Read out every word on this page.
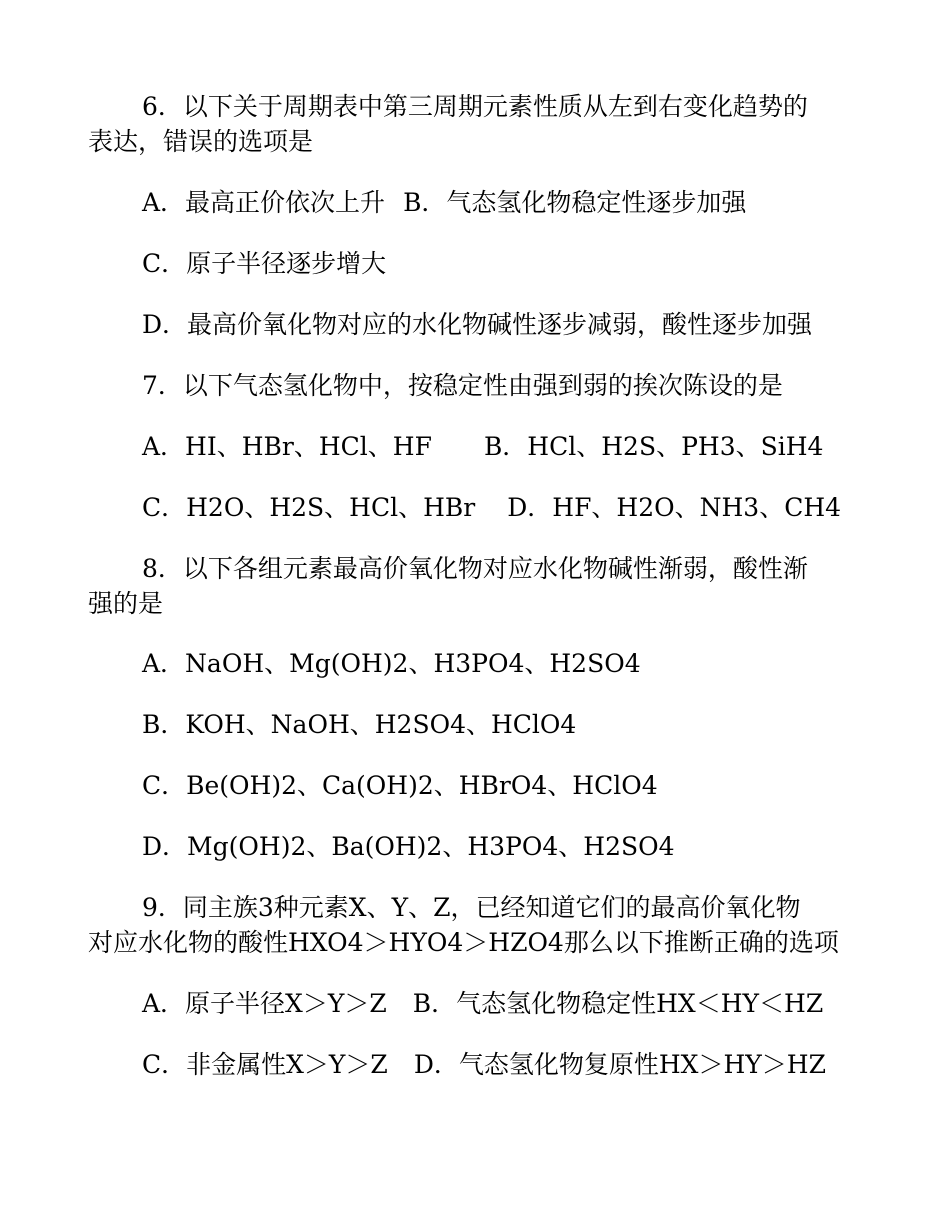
6．以下关于周期表中第三周期元素性质从左到右变化趋势的
表达，错误的选项是
A．最高正价依次上升 B．气态氢化物稳定性逐步加强
C．原子半径逐步增大
D．最高价氧化物对应的水化物碱性逐步减弱，酸性逐步加强
7．以下气态氢化物中，按稳定性由强到弱的挨次陈设的是
A．HI、HBr、HCl、HF B．HCl、H2S、PH3、SiH4
C．H2O、H2S、HCl、HBr D．HF、H2O、NH3、CH4
8．以下各组元素最高价氧化物对应水化物碱性渐弱，酸性渐
强的是
A．NaOH、Mg(OH)2、H3PO4、H2SO4
B．KOH、NaOH、H2SO4、HClO4
C．Be(OH)2、Ca(OH)2、HBrO4、HClO4
D．Mg(OH)2、Ba(OH)2、H3PO4、H2SO4
9．同主族3种元素X、Y、Z，已经知道它们的最高价氧化物
对应水化物的酸性HXO4＞HYO4＞HZO4那么以下推断正确的选项
A．原子半径X＞Y＞Z B．气态氢化物稳定性HX＜HY＜HZ
C．非金属性X＞Y＞Z D．气态氢化物复原性HX＞HY＞HZ
